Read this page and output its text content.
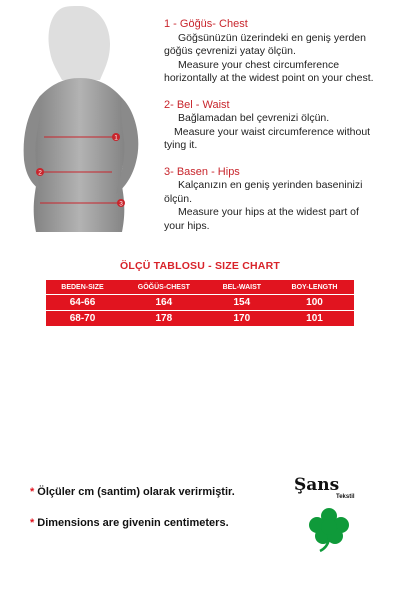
1
2
3
1 - Göğüs- Chest
Göğsünüzün üzerindeki en geniş yerden
göğüs çevrenizi yatay ölçün.
Measure your chest circumference
horizontally at the widest point on your chest.
2- Bel - Waist
Bağlamadan bel çevrenizi ölçün.
Measure your waist circumference without
tying it.
3- Basen - Hips
Kalçanızın en geniş yerinden baseninizi
ölçün.
Measure your hips at the widest part of
your hips.
ÖLÇÜ TABLOSU - SIZE CHART
BEDEN-SIZE	GÖĞÜS-CHEST	BEL-WAIST	BOY-LENGTH
64-66	164	154	100
68-70	178	170	101
* Ölçüler cm (santim) olarak verirmiştir.
* Dimensions are givenin centimeters.
Şans
Tekstil
